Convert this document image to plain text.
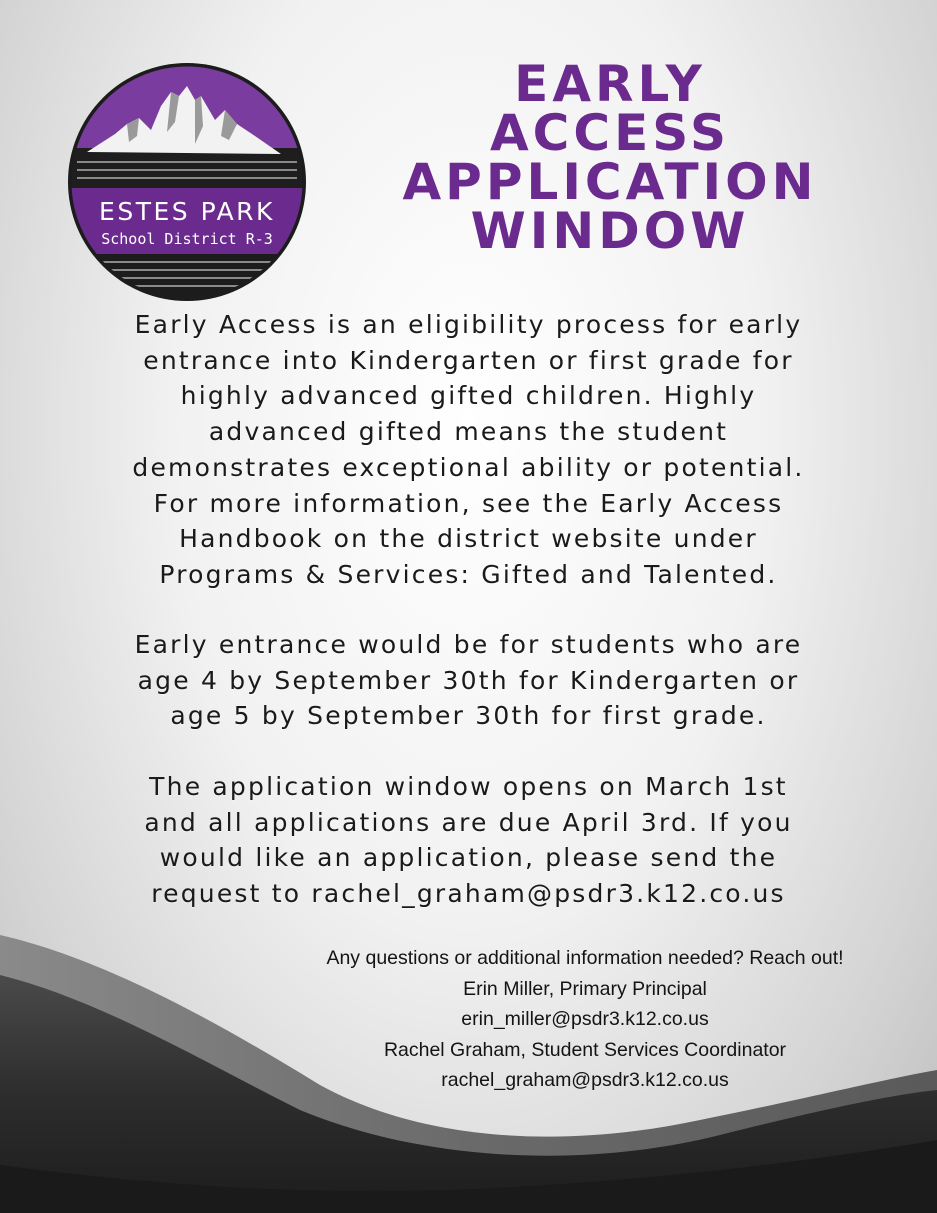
ESTES PARK
School District R-3
EARLY
ACCESS
APPLICATION
WINDOW
Early Access is an eligibility process for early
entrance into Kindergarten or first grade for
highly advanced gifted children. Highly
advanced gifted means the student
demonstrates exceptional ability or potential.
For more information, see the Early Access
Handbook on the district website under
Programs & Services: Gifted and Talented.
Early entrance would be for students who are
age 4 by September 30th for Kindergarten or
age 5 by September 30th for first grade.
The application window opens on March 1st
and all applications are due April 3rd. If you
would like an application, please send the
request to rachel_graham@psdr3.k12.co.us
Any questions or additional information needed? Reach out!
Erin Miller, Primary Principal
erin_miller@psdr3.k12.co.us
Rachel Graham, Student Services Coordinator
rachel_graham@psdr3.k12.co.us
